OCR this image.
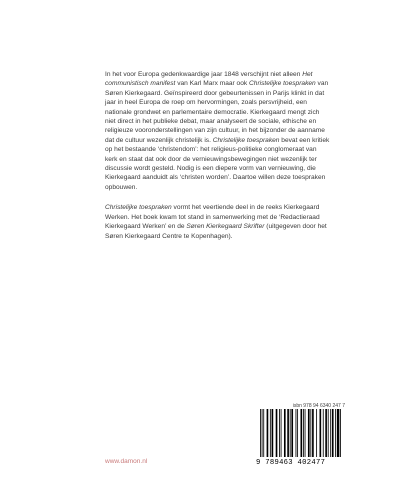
In het voor Europa gedenkwaardige jaar 1848 verschijnt niet alleen Het communistisch manifest van Karl Marx maar ook Christelijke toespraken van Søren Kierkegaard. Geïnspireerd door gebeurtenissen in Parijs klinkt in dat jaar in heel Europa de roep om hervormingen, zoals persvrijheid, een nationale grondwet en parlementaire democratie. Kierkegaard mengt zich niet direct in het publieke debat, maar analyseert de sociale, ethische en religieuze vooronderstellingen van zijn cultuur, in het bijzonder de aanname dat de cultuur wezenlijk christelijk is. Christelijke toespraken bevat een kritiek op het bestaande ‘christendom’: het religieus-politieke conglomeraat van kerk en staat dat ook door de vernieuwingsbewegingen niet wezenlijk ter discussie wordt gesteld. Nodig is een diepere vorm van vernieuwing, die Kierkegaard aanduidt als ‘christen worden’. Daartoe willen deze toespraken opbouwen.

Christelijke toespraken vormt het veertiende deel in de reeks Kierkegaard Werken. Het boek kwam tot stand in samenwerking met de ‘Redactieraad Kierkegaard Werken’ en de Søren Kierkegaard Skrifter (uitgegeven door het Søren Kierkegaard Centre te Kopenhagen).

isbn 978 94 6340 247 7
9 789463 402477
www.damon.nl
